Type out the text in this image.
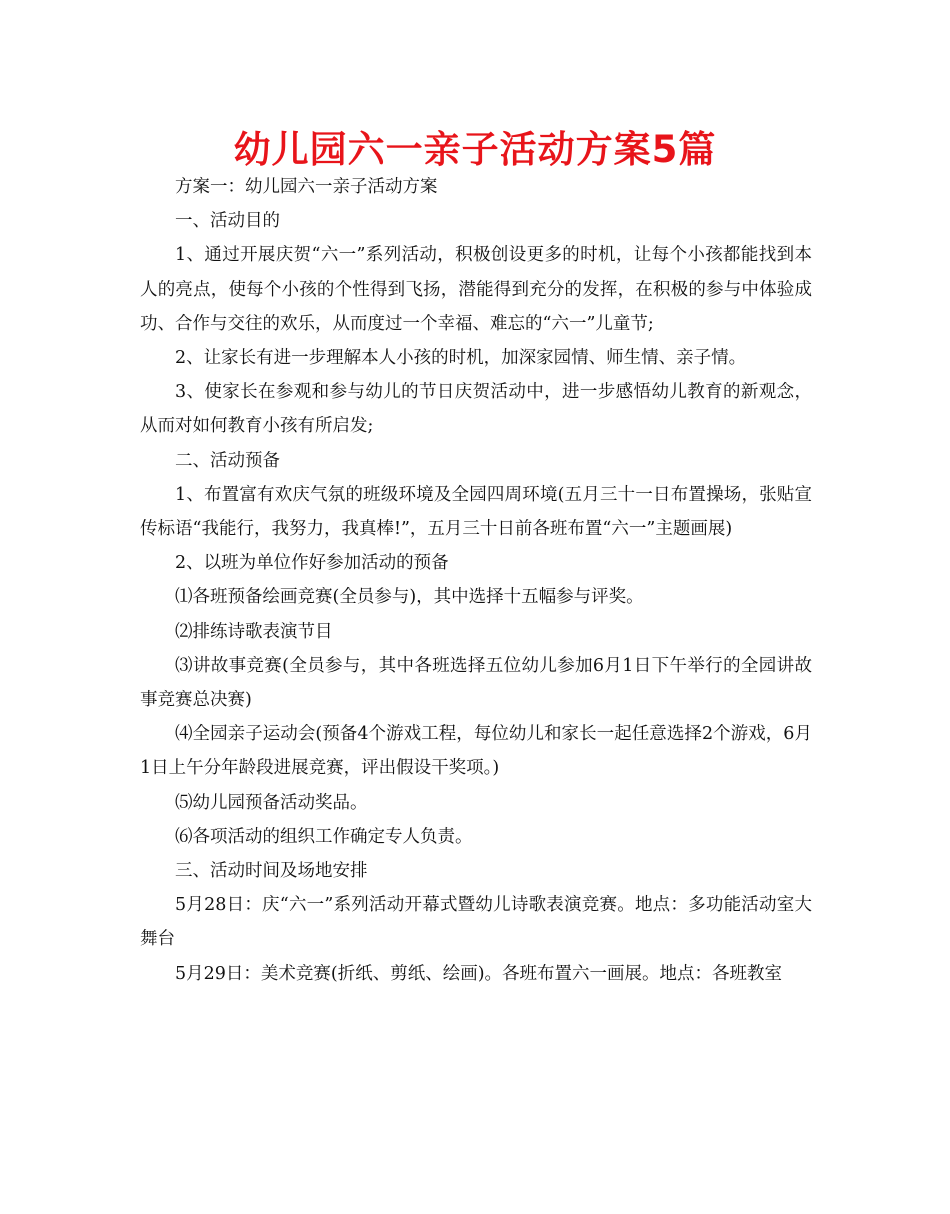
幼儿园六一亲子活动方案5篇

方案一：幼儿园六一亲子活动方案

一、活动目的

1、通过开展庆贺“六一”系列活动，积极创设更多的时机，让每个小孩都能找到本人的亮点，使每个小孩的个性得到飞扬，潜能得到充分的发挥，在积极的参与中体验成功、合作与交往的欢乐，从而度过一个幸福、难忘的“六一”儿童节;

2、让家长有进一步理解本人小孩的时机，加深家园情、师生情、亲子情。

3、使家长在参观和参与幼儿的节日庆贺活动中，进一步感悟幼儿教育的新观念，从而对如何教育小孩有所启发;

二、活动预备

1、布置富有欢庆气氛的班级环境及全园四周环境(五月三十一日布置操场，张贴宣传标语“我能行，我努力，我真棒!”，五月三十日前各班布置“六一”主题画展)

2、以班为单位作好参加活动的预备

⑴各班预备绘画竞赛(全员参与)，其中选择十五幅参与评奖。

⑵排练诗歌表演节目

⑶讲故事竞赛(全员参与，其中各班选择五位幼儿参加6月1日下午举行的全园讲故事竞赛总决赛)

⑷全园亲子运动会(预备4个游戏工程，每位幼儿和家长一起任意选择2个游戏，6月1日上午分年龄段进展竞赛，评出假设干奖项。)

⑸幼儿园预备活动奖品。

⑹各项活动的组织工作确定专人负责。

三、活动时间及场地安排

5月28日：庆“六一”系列活动开幕式暨幼儿诗歌表演竞赛。地点：多功能活动室大舞台

5月29日：美术竞赛(折纸、剪纸、绘画)。各班布置六一画展。地点：各班教室
